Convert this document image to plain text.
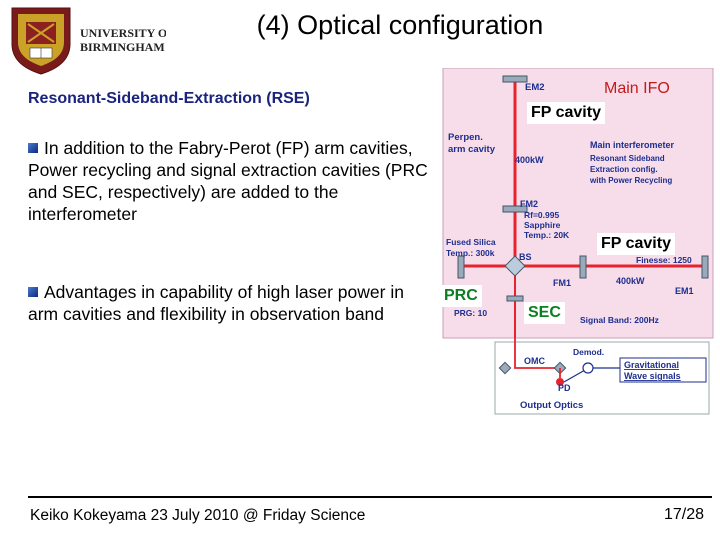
UNIVERSITY OF
BIRMINGHAM
(4) Optical configuration
Resonant-Sideband-Extraction (RSE)
In addition to the Fabry-Perot (FP) arm cavities, Power recycling and signal extraction cavities (PRC and SEC, respectively) are added to the interferometer
Advantages in capability of high laser power in arm cavities and flexibility in observation band
EM2
Perpen.
arm cavity
400kW
Main interferometer
Resonant Sideband
Extraction config.
with Power Recycling
FM2
Rf=0.995
Sapphire
Temp.: 20K
Fused Silica
Temp.: 300k	BS	Finesse: 1250
FM1	400kW
EM1
PRG: 10
Signal Band: 200Hz
OMC
PD
Demod.
Gravitational
Wave signals
Output Optics
Main IFO
FP cavity
FP cavity
PRC
SEC
Keiko Kokeyama 23 July 2010 @ Friday Science	17/28
